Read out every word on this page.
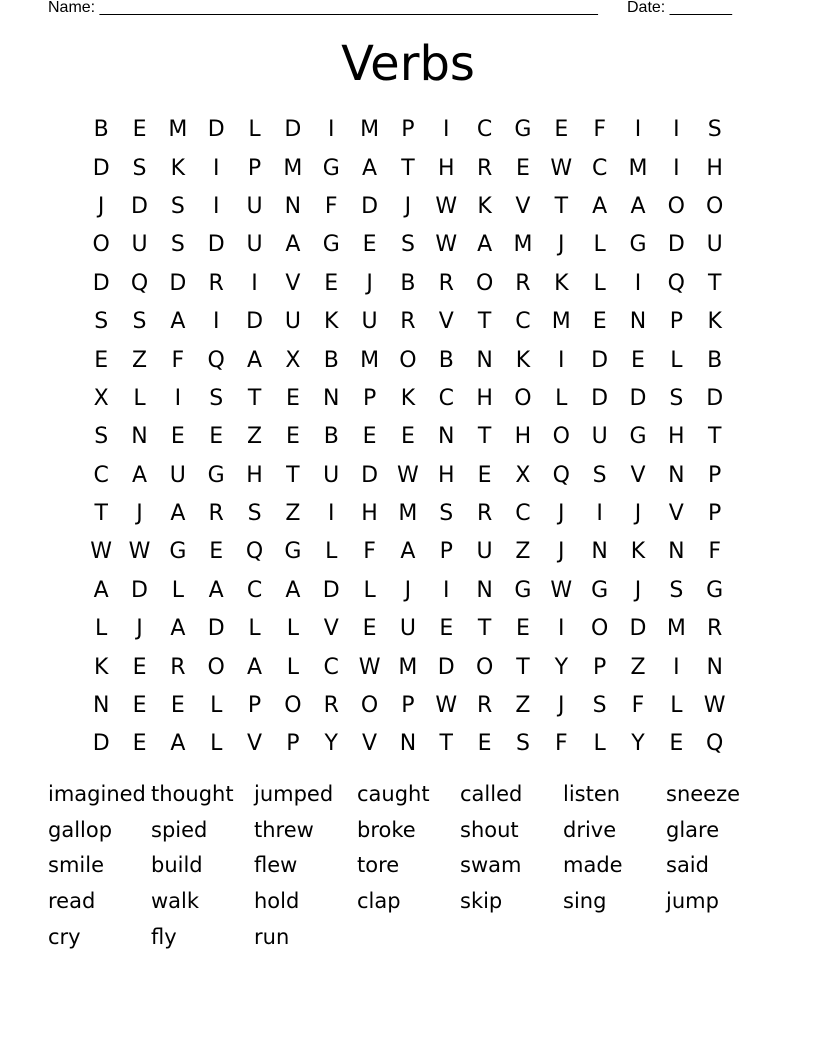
Name: ________________________________________________________ Date: _______
Verbs
B	E M D	L	D	I	M	P	I	C	G	E	F	I	I	S
D	S	K	I	P	M G	A	T	H	R	E W C M	I	H
J	D	S	I	U	N	F	D	J	W K	V	T	A	A	O O
O U	S	D U	A	G	E	S W A M	J	L	G D U
D Q D	R	I	V	E	J	B	R	O	R	K	L	I	Q	T
S	S	A	I	D U	K	U	R	V	T	C M E	N	P	K
E	Z	F	Q	A	X	B M O	B	N	K	I	D	E	L	B
X	L	I	S	T	E	N	P	K	C	H O	L	D D	S	D
S	N	E	E	Z	E	B	E	E	N	T	H O U G H	T
C	A	U G H	T	U D W H	E	X	Q	S	V	N	P
T	J	A	R	S	Z	I	H M S	R	C	J	I	J	V	P
W W G	E	Q G	L	F	A	P	U	Z	J	N	K	N	F
A	D	L	A	C	A	D	L	J	I	N G W G	J	S	G
L	J	A	D	L	L	V	E	U	E	T	E	I	O D M R
K	E	R	O	A	L	C W M D O	T	Y	P	Z	I	N
N	E	E	L	P	O	R	O	P W R	Z	J	S	F	L W
D	E	A	L	V	P	Y	V	N	T	E	S	F	L	Y	E	Q
imagined thought jumped	caught	called	listen	sneeze
gallop	spied	threw	broke	shout	drive	glare
smile	build	flew	tore	swam	made	said
read	walk	hold	clap	skip	sing	jump
cry	fly	run
